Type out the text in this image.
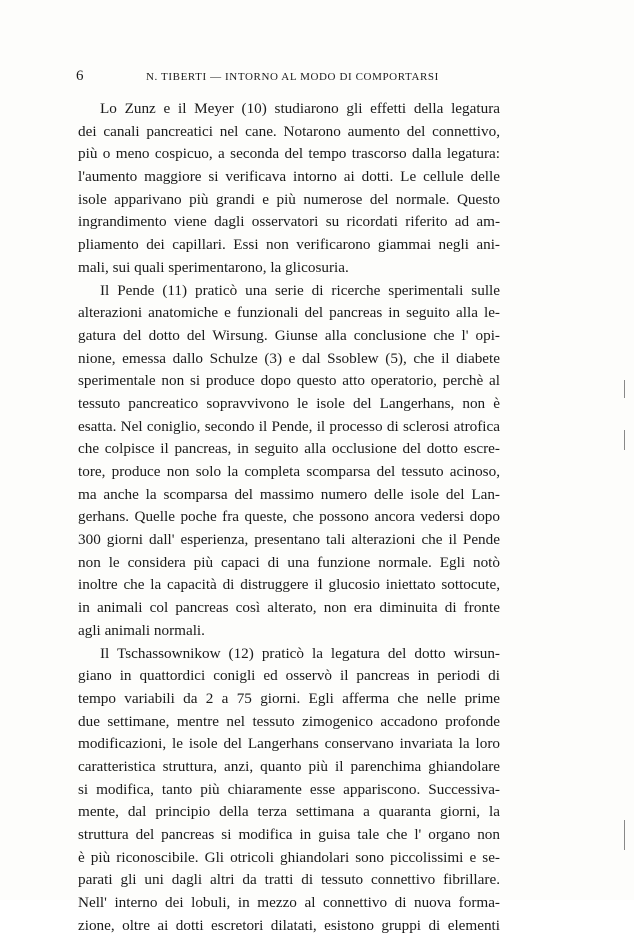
6	N. TIBERTI — INTORNO AL MODO DI COMPORTARSI
Lo Zunz e il Meyer (10) studiarono gli effetti della legatura
dei canali pancreatici nel cane. Notarono aumento del connettivo,
più o meno cospicuo, a seconda del tempo trascorso dalla legatura:
l'aumento maggiore si verificava intorno ai dotti. Le cellule delle
isole apparivano più grandi e più numerose del normale. Questo
ingrandimento viene dagli osservatori su ricordati riferito ad am-
pliamento dei capillari. Essi non verificarono giammai negli ani-
mali, sui quali sperimentarono, la glicosuria.
Il Pende (11) praticò una serie di ricerche sperimentali sulle
alterazioni anatomiche e funzionali del pancreas in seguito alla le-
gatura del dotto del Wirsung. Giunse alla conclusione che l' opi-
nione, emessa dallo Schulze (3) e dal Ssoblew (5), che il diabete
sperimentale non si produce dopo questo atto operatorio, perchè al
tessuto pancreatico sopravvivono le isole del Langerhans, non è
esatta. Nel coniglio, secondo il Pende, il processo di sclerosi atrofica
che colpisce il pancreas, in seguito alla occlusione del dotto escre-
tore, produce non solo la completa scomparsa del tessuto acinoso,
ma anche la scomparsa del massimo numero delle isole del Lan-
gerhans. Quelle poche fra queste, che possono ancora vedersi dopo
300 giorni dall' esperienza, presentano tali alterazioni che il Pende
non le considera più capaci di una funzione normale. Egli notò
inoltre che la capacità di distruggere il glucosio iniettato sottocute,
in animali col pancreas così alterato, non era diminuita di fronte
agli animali normali.
Il Tschassownikow (12) praticò la legatura del dotto wirsun-
giano in quattordici conigli ed osservò il pancreas in periodi di
tempo variabili da 2 a 75 giorni. Egli afferma che nelle prime
due settimane, mentre nel tessuto zimogenico accadono profonde
modificazioni, le isole del Langerhans conservano invariata la loro
caratteristica struttura, anzi, quanto più il parenchima ghiandolare
si modifica, tanto più chiaramente esse appariscono. Successiva-
mente, dal principio della terza settimana a quaranta giorni, la
struttura del pancreas si modifica in guisa tale che l' organo non
è più riconoscibile. Gli otricoli ghiandolari sono piccolissimi e se-
parati gli uni dagli altri da tratti di tessuto connettivo fibrillare.
Nell' interno dei lobuli, in mezzo al connettivo di nuova forma-
zione, oltre ai dotti escretori dilatati, esistono gruppi di elementi
